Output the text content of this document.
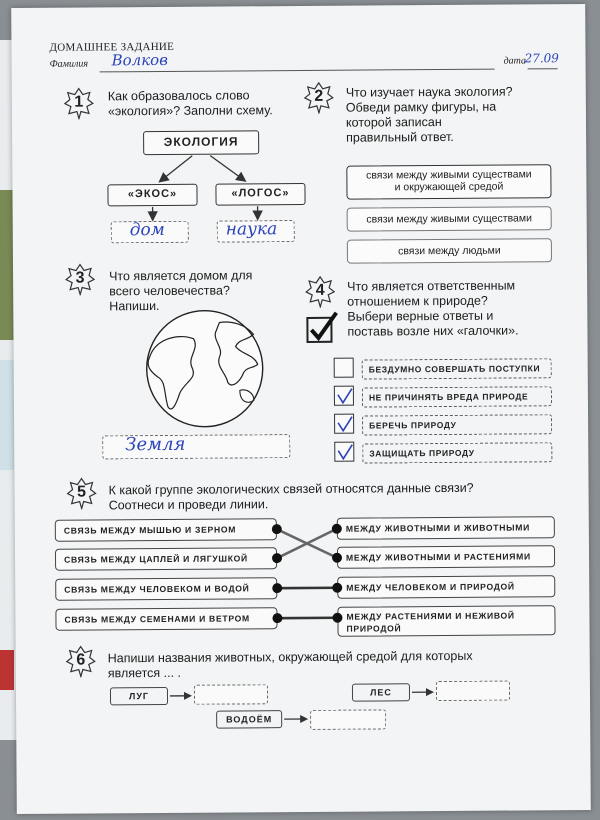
ДОМАШНЕЕ ЗАДАНИЕ
Фамилия Волков	дата
27.09
1	Как образовалось слово
«экология»? Заполни схему.
ЭКОЛОГИЯ
«ЭКОС»	«ЛОГОС»
дом	наука
2	Что изучает наука экология?
Обведи рамку фигуры, на
которой записан
правильный ответ.
связи между живыми существами
и окружающей средой
связи между живыми существами
связи между людьми
3	Что является домом для
всего человечества?
Напиши.
Земля
4	Что является ответственным
отношением к природе?
Выбери верные ответы и
поставь возле них «галочки».
БЕЗДУМНО СОВЕРШАТЬ ПОСТУПКИ
НЕ ПРИЧИНЯТЬ ВРЕДА ПРИРОДЕ
БЕРЕЧЬ ПРИРОДУ
ЗАЩИЩАТЬ ПРИРОДУ
5	К какой группе экологических связей относятся данные связи?
Соотнеси и проведи линии.
СВЯЗЬ МЕЖДУ МЫШЬЮ И ЗЕРНОМ
СВЯЗЬ МЕЖДУ ЦАПЛЕЙ И ЛЯГУШКОЙ
СВЯЗЬ МЕЖДУ ЧЕЛОВЕКОМ И ВОДОЙ
СВЯЗЬ МЕЖДУ СЕМЕНАМИ И ВЕТРОМ
МЕЖДУ ЖИВОТНЫМИ И ЖИВОТНЫМИ
МЕЖДУ ЖИВОТНЫМИ И РАСТЕНИЯМИ
МЕЖДУ ЧЕЛОВЕКОМ И ПРИРОДОЙ
МЕЖДУ РАСТЕНИЯМИ И НЕЖИВОЙ
ПРИРОДОЙ
6	Напиши названия животных, окружающей средой для которых
является ... .
ЛУГ	ЛЕС
ВОДОЁМ
